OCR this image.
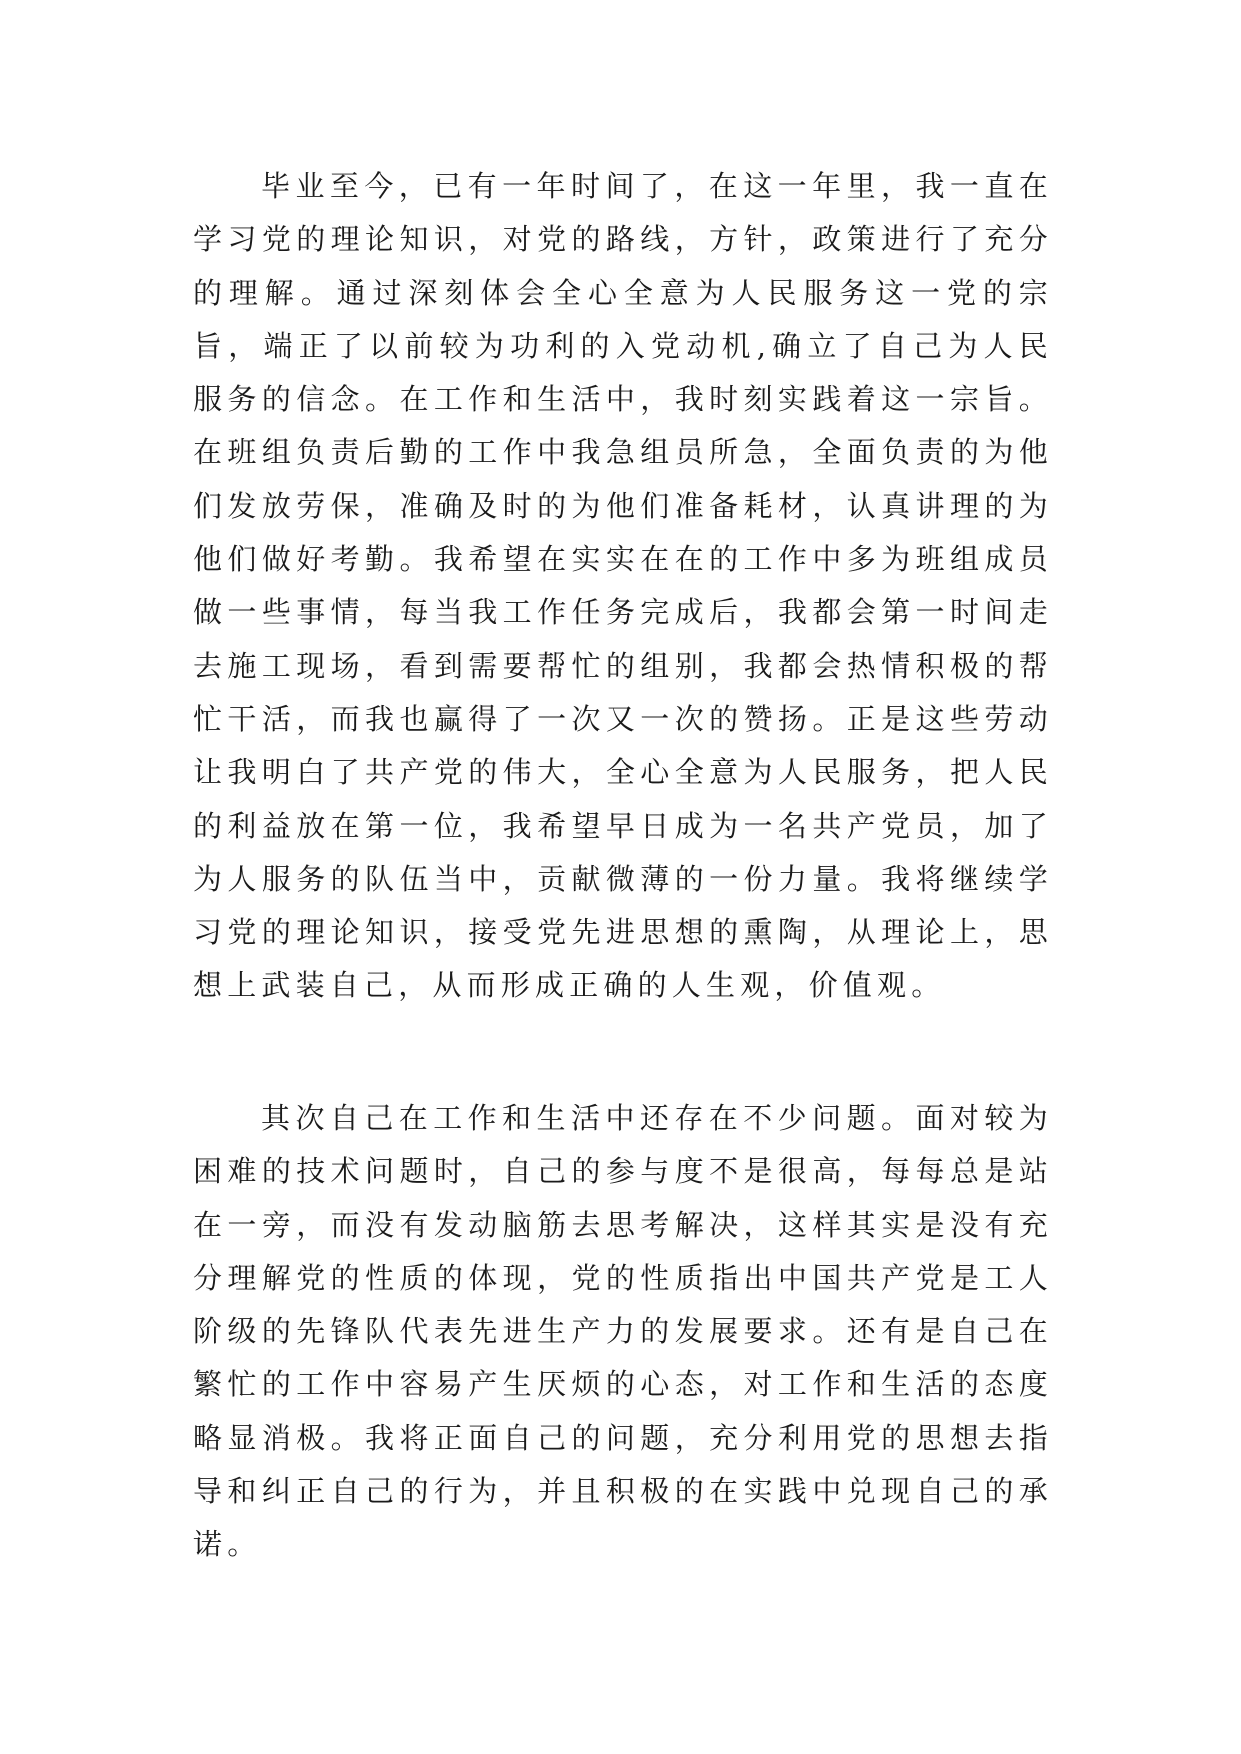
毕业至今，已有一年时间了，在这一年里，我一直在学习党的理论知识，对党的路线，方针，政策进行了充分的理解。通过深刻体会全心全意为人民服务这一党的宗旨，端正了以前较为功利的入党动机,确立了自己为人民服务的信念。在工作和生活中，我时刻实践着这一宗旨。在班组负责后勤的工作中我急组员所急，全面负责的为他们发放劳保，准确及时的为他们准备耗材，认真讲理的为他们做好考勤。我希望在实实在在的工作中多为班组成员做一些事情，每当我工作任务完成后，我都会第一时间走去施工现场，看到需要帮忙的组别，我都会热情积极的帮忙干活，而我也赢得了一次又一次的赞扬。正是这些劳动让我明白了共产党的伟大，全心全意为人民服务，把人民的利益放在第一位，我希望早日成为一名共产党员，加了为人服务的队伍当中，贡献微薄的一份力量。我将继续学习党的理论知识，接受党先进思想的熏陶，从理论上，思想上武装自己，从而形成正确的人生观，价值观。

其次自己在工作和生活中还存在不少问题。面对较为困难的技术问题时，自己的参与度不是很高，每每总是站在一旁，而没有发动脑筋去思考解决，这样其实是没有充分理解党的性质的体现，党的性质指出中国共产党是工人阶级的先锋队代表先进生产力的发展要求。还有是自己在繁忙的工作中容易产生厌烦的心态，对工作和生活的态度略显消极。我将正面自己的问题，充分利用党的思想去指导和纠正自己的行为，并且积极的在实践中兑现自己的承诺。
